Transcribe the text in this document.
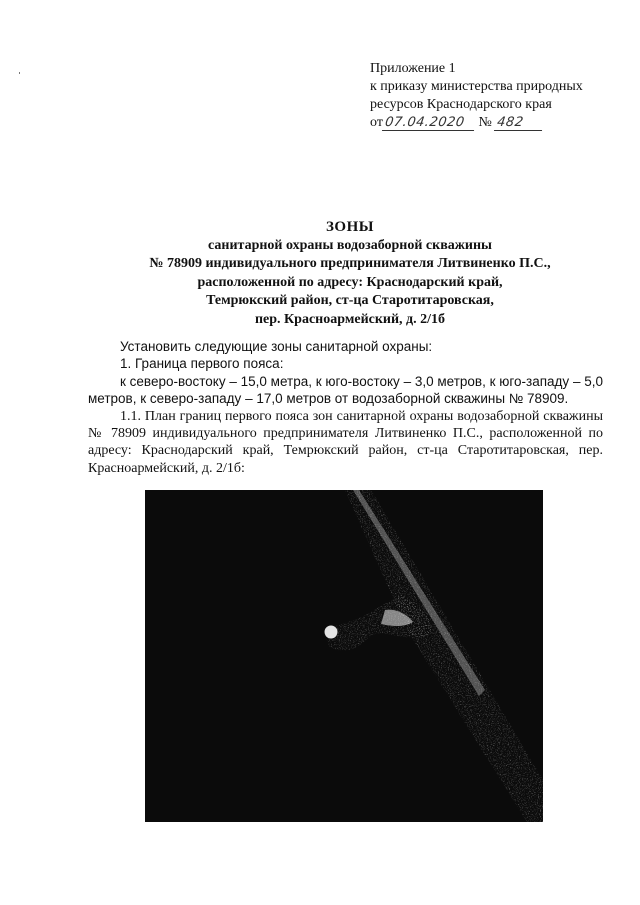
Приложение 1
к приказу министерства природных
ресурсов Краснодарского края
от07.04.2020 № 482
ЗОНЫ
санитарной охраны водозаборной скважины
№ 78909 индивидуального предпринимателя Литвиненко П.С.,
расположенной по адресу: Краснодарский край,
Темрюкский район, ст-ца Старотитаровская,
пер. Красноармейский, д. 2/1б

Установить следующие зоны санитарной охраны:

1. Граница первого пояса:

к северо-востоку – 15,0 метра, к юго-востоку – 3,0 метров, к юго-западу – 5,0 метров, к северо-западу – 17,0 метров от водозаборной скважины № 78909.

1.1. План границ первого пояса зон санитарной охраны водозаборной скважины № 78909 индивидуального предпринимателя Литвиненко П.С., расположенной по адресу: Краснодарский край, Темрюкский район, ст-ца Старотитаровская, пер. Красноармейский, д. 2/1б:
